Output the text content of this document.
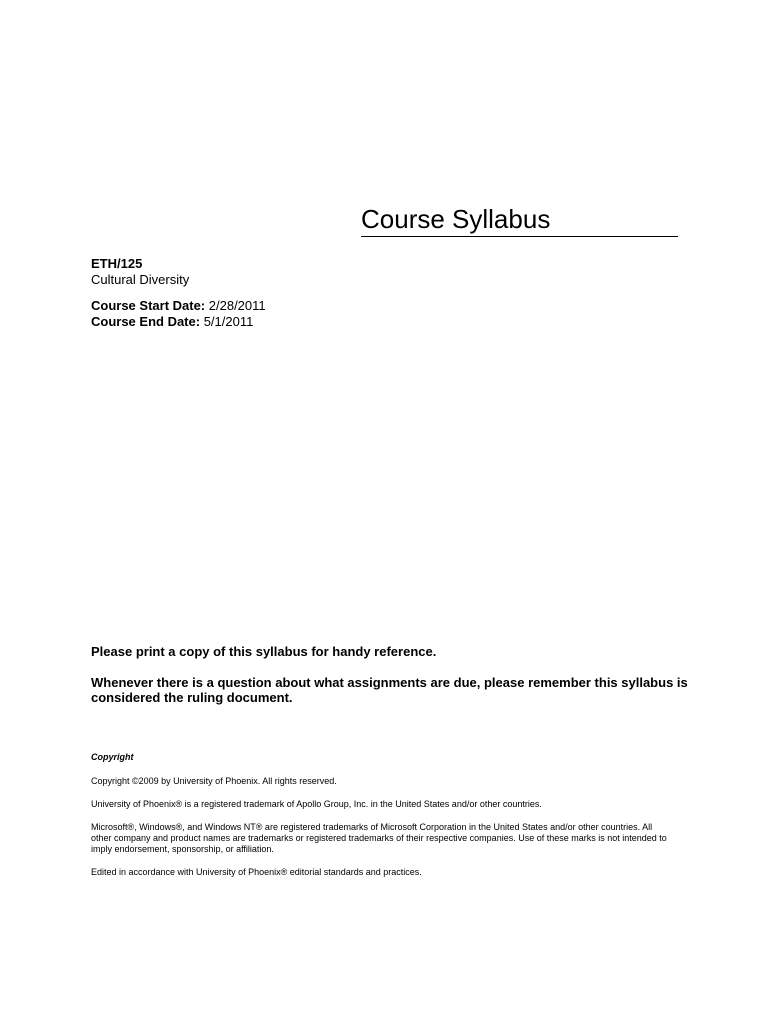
Course Syllabus
ETH/125
Cultural Diversity
Course Start Date: 2/28/2011
Course End Date: 5/1/2011

Please print a copy of this syllabus for handy reference.

Whenever there is a question about what assignments are due, please remember this syllabus is considered the ruling document.

Copyright

Copyright ©2009 by University of Phoenix. All rights reserved.

University of Phoenix® is a registered trademark of Apollo Group, Inc. in the United States and/or other countries.

Microsoft®, Windows®, and Windows NT® are registered trademarks of Microsoft Corporation in the United States and/or other countries. All other company and product names are trademarks or registered trademarks of their respective companies. Use of these marks is not intended to imply endorsement, sponsorship, or affiliation.

Edited in accordance with University of Phoenix® editorial standards and practices.
